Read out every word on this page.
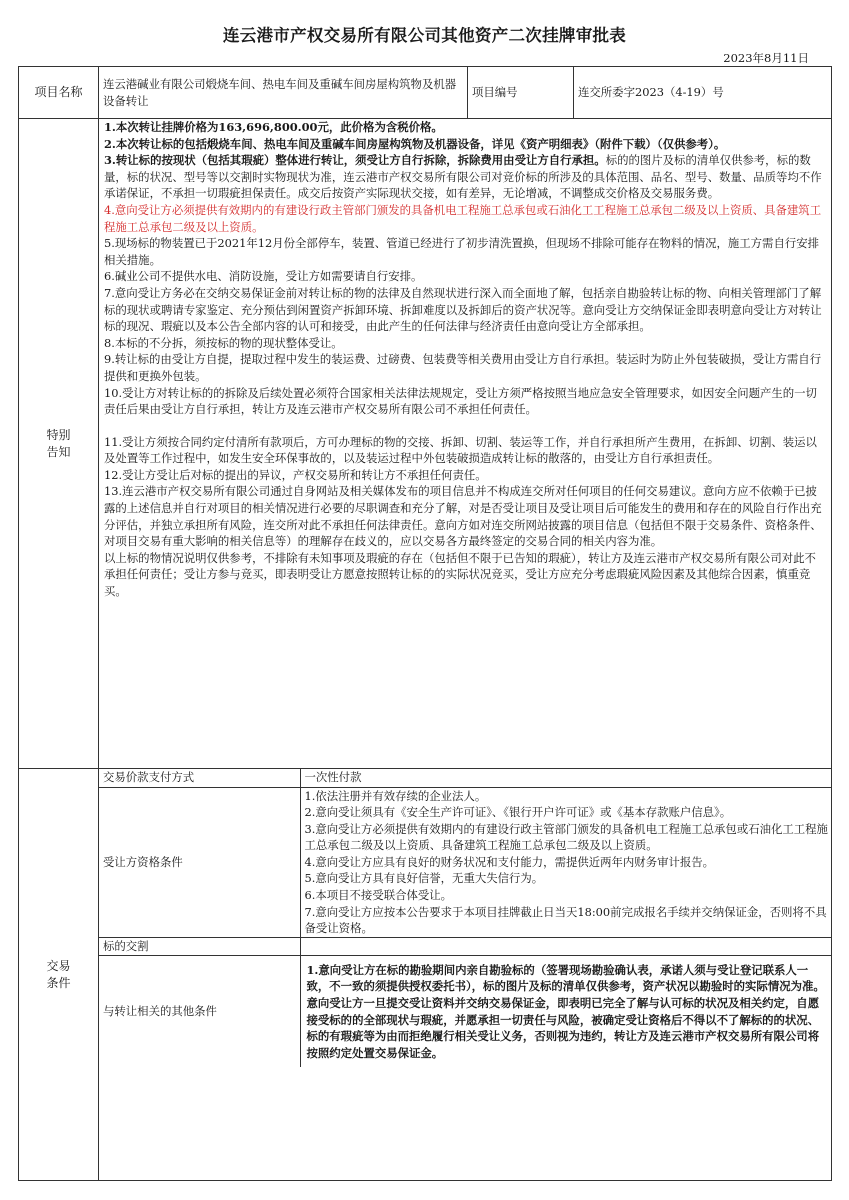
连云港市产权交易所有限公司其他资产二次挂牌审批表
2023年8月11日
项目名称	连云港碱业有限公司煅烧车间、热电车间及重碱车间房屋构筑物及机器设备转让	项目编号	连交所委字2023（4-19）号

特别
告知

1.本次转让挂牌价格为163,696,800.00元，此价格为含税价格。

2.本次转让标的包括煅烧车间、热电车间及重碱车间房屋构筑物及机器设备，详见《资产明细表》（附件下载）（仅供参考）。

3.转让标的按现状（包括其瑕疵）整体进行转让，须受让方自行拆除，拆除费用由受让方自行承担。标的的图片及标的清单仅供参考，标的数量，标的状况、型号等以交割时实物现状为准，连云港市产权交易所有限公司对竞价标的所涉及的具体范围、品名、型号、数量、品质等均不作承诺保证，不承担一切瑕疵担保责任。成交后按资产实际现状交接，如有差异，无论增减，不调整成交价格及交易服务费。

4.意向受让方必须提供有效期内的有建设行政主管部门颁发的具备机电工程施工总承包或石油化工工程施工总承包二级及以上资质、具备建筑工程施工总承包二级及以上资质。

5.现场标的物装置已于2021年12月份全部停车，装置、管道已经进行了初步清洗置换，但现场不排除可能存在物料的情况，施工方需自行安排相关措施。

6.碱业公司不提供水电、消防设施，受让方如需要请自行安排。

7.意向受让方务必在交纳交易保证金前对转让标的物的法律及自然现状进行深入而全面地了解，包括亲自勘验转让标的物、向相关管理部门了解标的现状或聘请专家鉴定、充分预估到闲置资产拆卸环境、拆卸难度以及拆卸后的资产状况等。意向受让方交纳保证金即表明意向受让方对转让标的现况、瑕疵以及本公告全部内容的认可和接受，由此产生的任何法律与经济责任由意向受让方全部承担。

8.本标的不分拆，须按标的物的现状整体受让。

9.转让标的由受让方自提，提取过程中发生的装运费、过磅费、包装费等相关费用由受让方自行承担。装运时为防止外包装破损，受让方需自行提供和更换外包装。

10.受让方对转让标的的拆除及后续处置必须符合国家相关法律法规规定，受让方须严格按照当地应急安全管理要求，如因安全问题产生的一切责任后果由受让方自行承担，转让方及连云港市产权交易所有限公司不承担任何责任。

11.受让方须按合同约定付清所有款项后，方可办理标的物的交接、拆卸、切割、装运等工作，并自行承担所产生费用，在拆卸、切割、装运以及处置等工作过程中，如发生安全环保事故的，以及装运过程中外包装破损造成转让标的散落的，由受让方自行承担责任。

12.受让方受让后对标的提出的异议，产权交易所和转让方不承担任何责任。

13.连云港市产权交易所有限公司通过自身网站及相关媒体发布的项目信息并不构成连交所对任何项目的任何交易建议。意向方应不依赖于已披露的上述信息并自行对项目的相关情况进行必要的尽职调查和充分了解，对是否受让项目及受让项目后可能发生的费用和存在的风险自行作出充分评估，并独立承担所有风险，连交所对此不承担任何法律责任。意向方如对连交所网站披露的项目信息（包括但不限于交易条件、资格条件、对项目交易有重大影响的相关信息等）的理解存在歧义的，应以交易各方最终签定的交易合同的相关内容为准。

以上标的物情况说明仅供参考，不排除有未知事项及瑕疵的存在（包括但不限于已告知的瑕疵），转让方及连云港市产权交易所有限公司对此不承担任何责任；受让方参与竞买，即表明受让方愿意按照转让标的的实际状况竞买，受让方应充分考虑瑕疵风险因素及其他综合因素，慎重竞买。

交易
条件

交易价款支付方式	一次性付款
受让方资格条件	

1.依法注册并有效存续的企业法人。

2.意向受让须具有《安全生产许可证》、《银行开户许可证》或《基本存款账户信息》。

3.意向受让方必须提供有效期内的有建设行政主管部门颁发的具备机电工程施工总承包或石油化工工程施工总承包二级及以上资质、具备建筑工程施工总承包二级及以上资质。

4.意向受让方应具有良好的财务状况和支付能力，需提供近两年内财务审计报告。

5.意向受让方具有良好信誉，无重大失信行为。

6.本项目不接受联合体受让。

7.意向受让方应按本公告要求于本项目挂牌截止日当天18:00前完成报名手续并交纳保证金，否则将不具备受让资格。

标的交割	
与转让相关的其他条件	1.意向受让方在标的勘验期间内亲自勘验标的（签署现场勘验确认表，承诺人须与受让登记联系人一致，不一致的须提供授权委托书），标的图片及标的清单仅供参考，资产状况以勘验时的实际情况为准。意向受让方一旦提交受让资料并交纳交易保证金，即表明已完全了解与认可标的状况及相关约定，自愿接受标的的全部现状与瑕疵，并愿承担一切责任与风险，被确定受让资格后不得以不了解标的的状况、标的有瑕疵等为由而拒绝履行相关受让义务，否则视为违约，转让方及连云港市产权交易所有限公司将按照约定处置交易保证金。
